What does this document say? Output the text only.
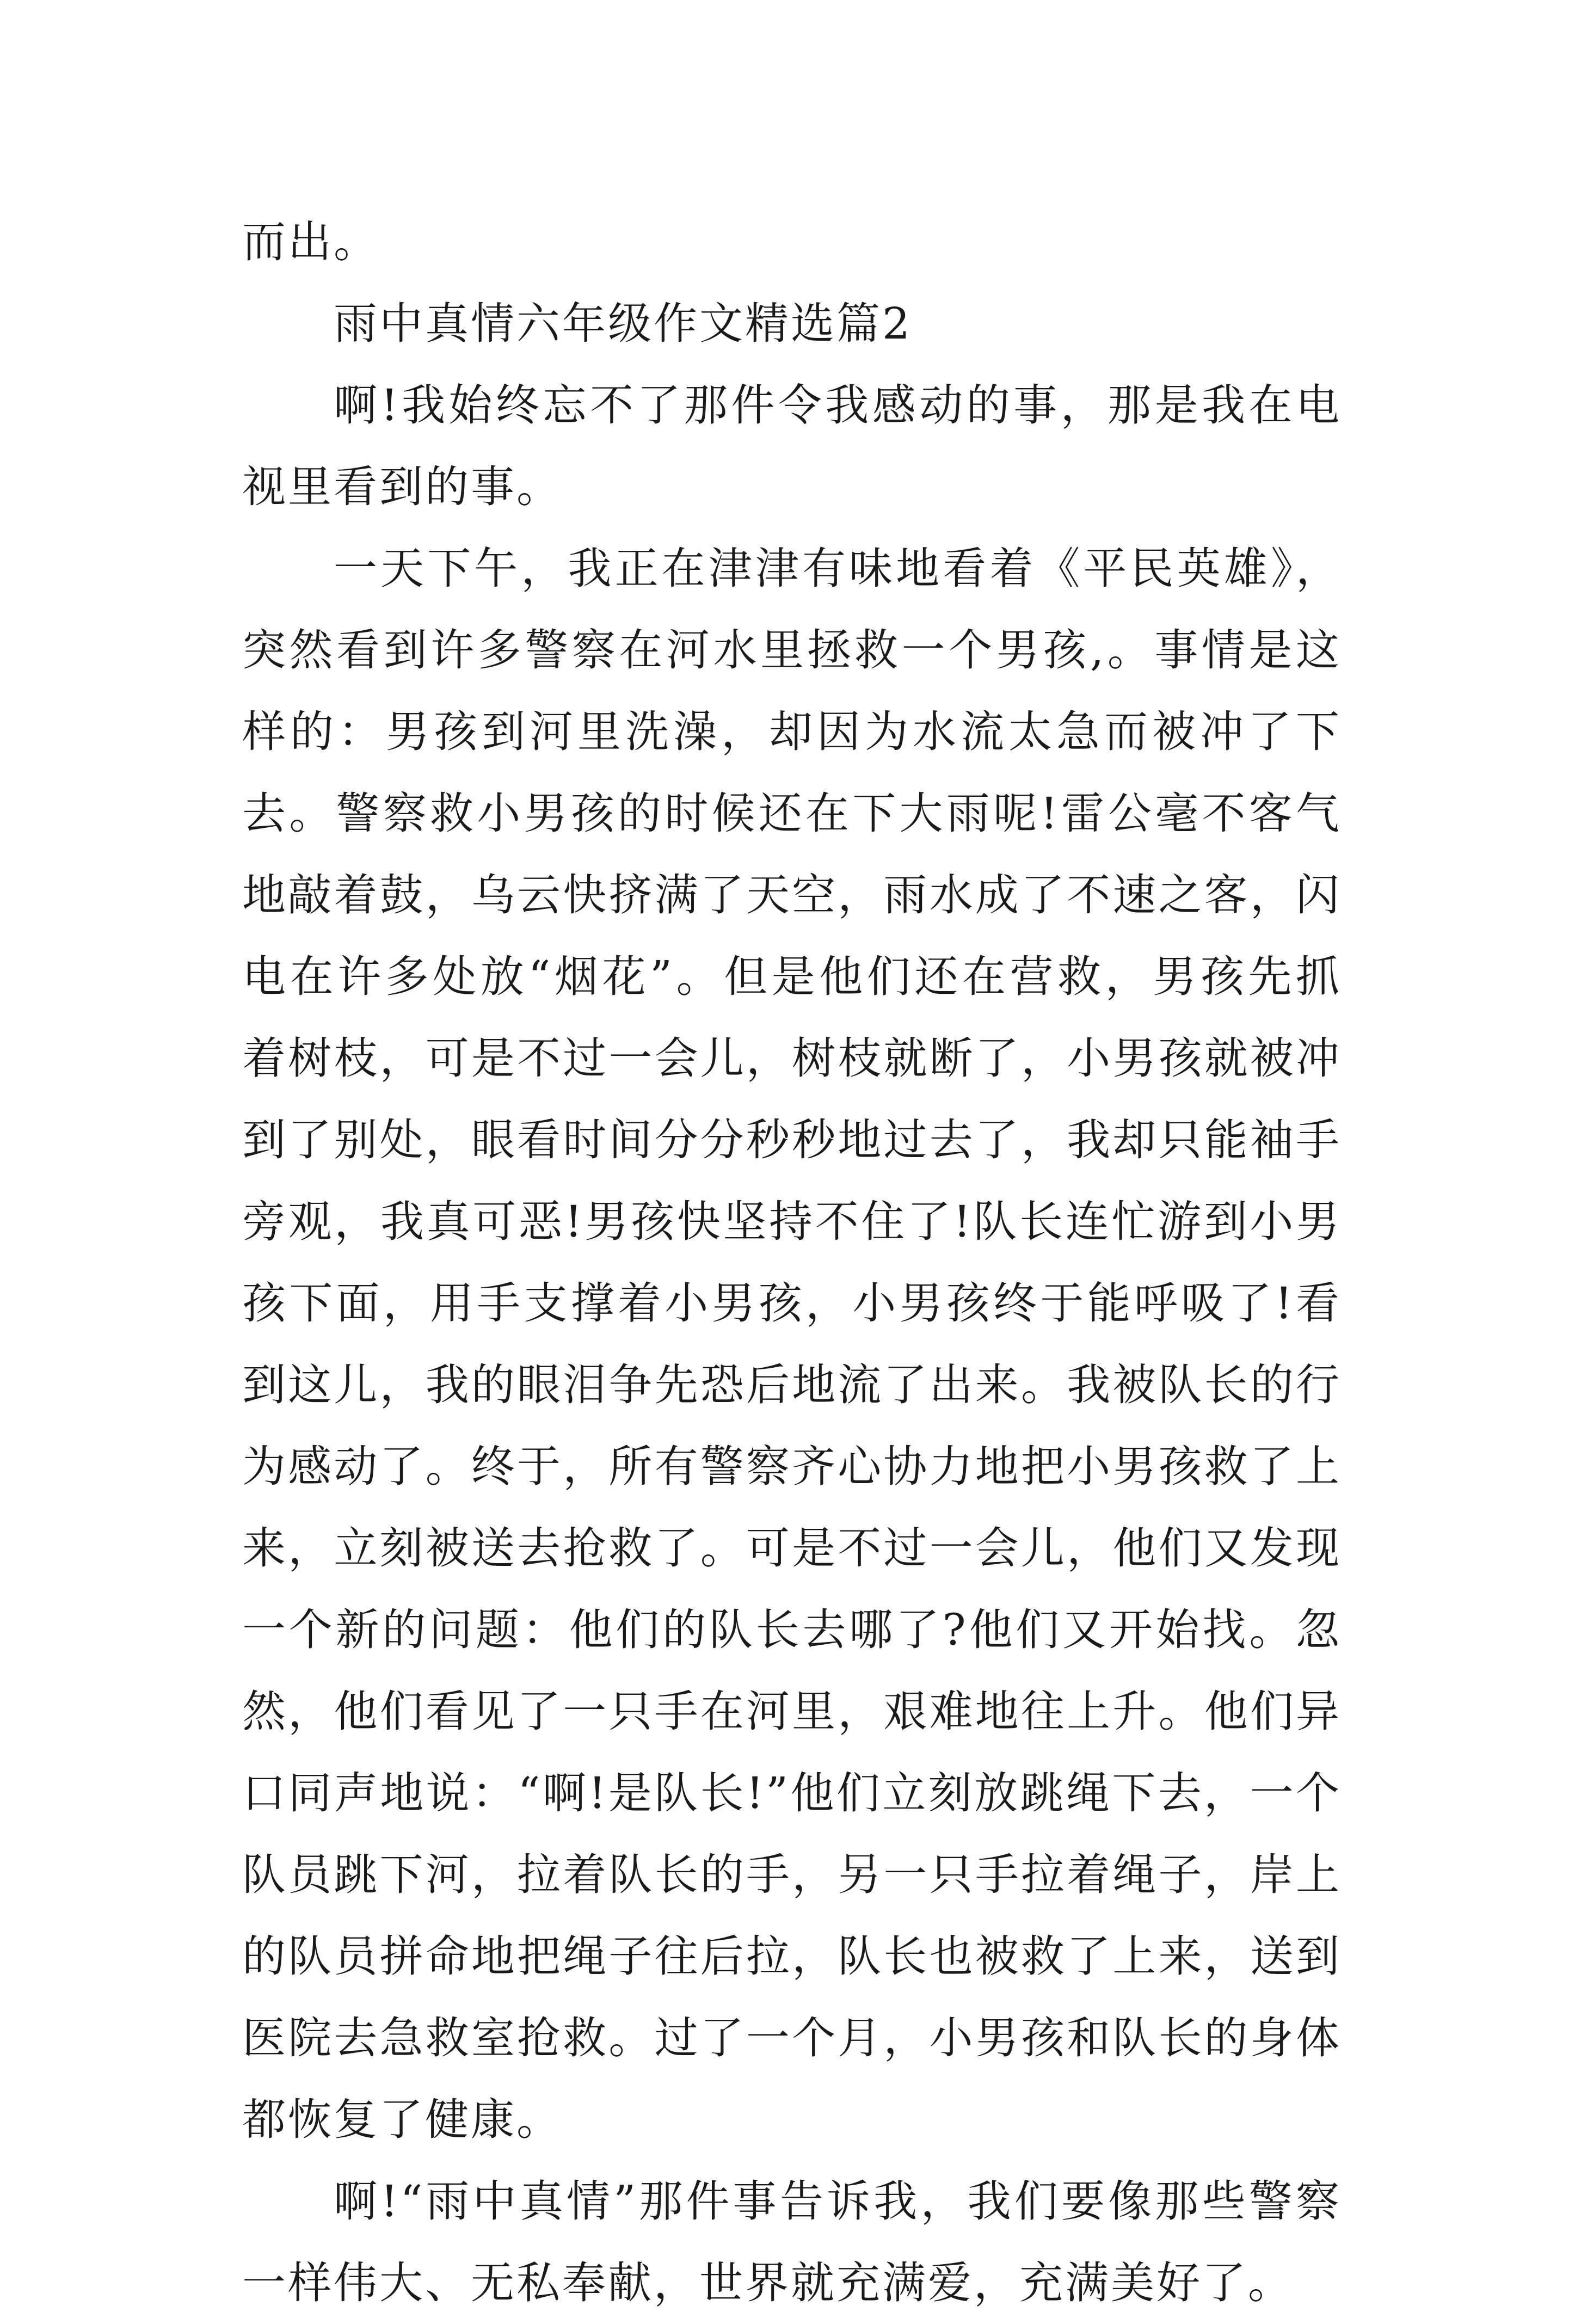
而出。

雨中真情六年级作文精选篇2

啊!我始终忘不了那件令我感动的事，那是我在电视里看到的事。

一天下午，我正在津津有味地看着《平民英雄》，突然看到许多警察在河水里拯救一个男孩,。事情是这样的：男孩到河里洗澡，却因为水流太急而被冲了下去。警察救小男孩的时候还在下大雨呢!雷公毫不客气地敲着鼓，乌云快挤满了天空，雨水成了不速之客，闪电在许多处放“烟花”。但是他们还在营救，男孩先抓着树枝，可是不过一会儿，树枝就断了，小男孩就被冲到了别处，眼看时间分分秒秒地过去了，我却只能袖手旁观，我真可恶!男孩快坚持不住了!队长连忙游到小男孩下面，用手支撑着小男孩，小男孩终于能呼吸了!看到这儿，我的眼泪争先恐后地流了出来。我被队长的行为感动了。终于，所有警察齐心协力地把小男孩救了上来，立刻被送去抢救了。可是不过一会儿，他们又发现一个新的问题：他们的队长去哪了?他们又开始找。忽然，他们看见了一只手在河里，艰难地往上升。他们异口同声地说：“啊!是队长!”他们立刻放跳绳下去，一个队员跳下河，拉着队长的手，另一只手拉着绳子，岸上的队员拼命地把绳子往后拉，队长也被救了上来，送到医院去急救室抢救。过了一个月，小男孩和队长的身体都恢复了健康。

啊!“雨中真情”那件事告诉我，我们要像那些警察一样伟大、无私奉献，世界就充满爱，充满美好了。
